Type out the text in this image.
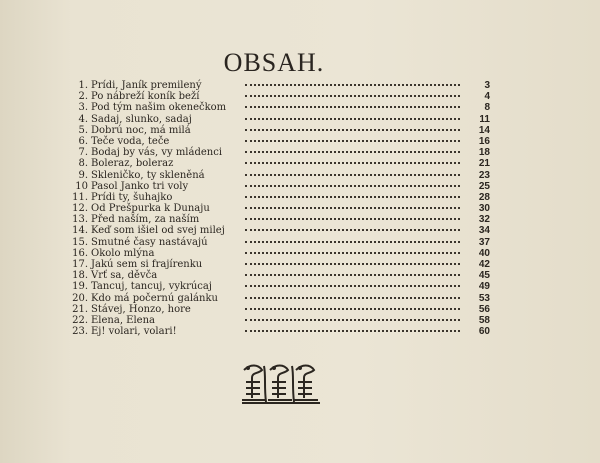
OBSAH.
1. Prídi, Janík premilený	3
2. Po nábreží koník beží	4
3. Pod tým našim okenečkom	8
4. Sadaj, slunko, sadaj	11
5. Dobrú noc, má milá	14
6. Teče voda, teče	16
7. Bodaj by vás, vy mládenci	18
8. Boleraz, boleraz	21
9. Skleničko, ty skleněná	23
10 Pasol Janko tri voly	25
11. Prídi ty, šuhajko	28
12. Od Prešpurka k Dunaju	30
13. Před naším, za naším	32
14. Keď som išiel od svej milej	34
15. Smutné časy nastávajú	37
16. Okolo mlýna	40
17. Jakú sem si frajírenku	42
18. Vrť sa, děvča	45
19. Tancuj, tancuj, vykrúcaj	49
20. Kdo má počernú galánku	53
21. Stávej, Honzo, hore	56
22. Elena, Elena	58
23. Ej! volari, volari!	60
